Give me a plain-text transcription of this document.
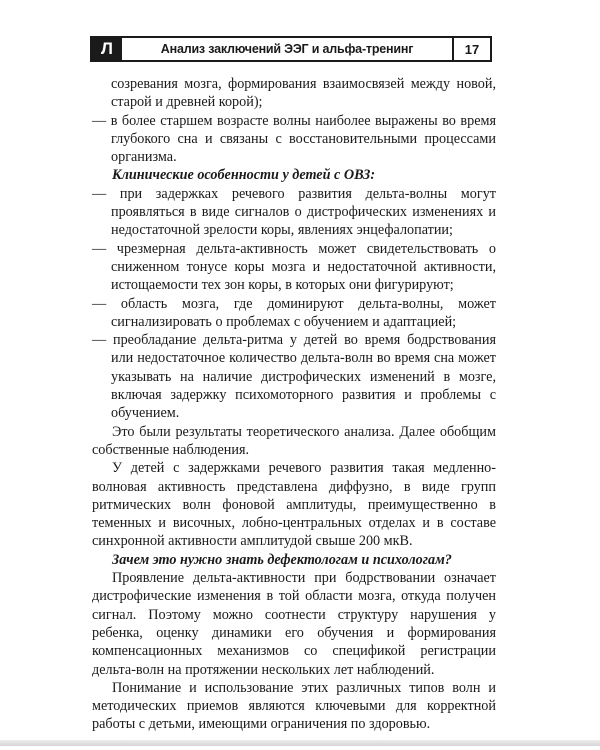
Л	Анализ заключений ЭЭГ и альфа-тренинг	17

созревания мозга, формирования взаимосвязей между новой, старой и древней корой);

— в более старшем возрасте волны наиболее выражены во время глубокого сна и связаны с восстановительными процессами организма.

Клинические особенности у детей с ОВЗ:

— при задержках речевого развития дельта-волны могут проявляться в виде сигналов о дистрофических изменениях и недостаточной зрелости коры, явлениях энцефалопатии;

— чрезмерная дельта-активность может свидетельствовать о сниженном тонусе коры мозга и недостаточной активности, истощаемости тех зон коры, в которых они фигурируют;

— область мозга, где доминируют дельта-волны, может сигнализировать о проблемах с обучением и адаптацией;

— преобладание дельта-ритма у детей во время бодрствования или недостаточное количество дельта-волн во время сна может указывать на наличие дистрофических изменений в мозге, включая задержку психомоторного развития и проблемы с обучением.

Это были результаты теоретического анализа. Далее обобщим собственные наблюдения.

У детей с задержками речевого развития такая медленно-волновая активность представлена диффузно, в виде групп ритмических волн фоновой амплитуды, преимущественно в теменных и височных, лобно-центральных отделах и в составе синхронной активности амплитудой свыше 200 мкВ.

Зачем это нужно знать дефектологам и психологам?

Проявление дельта-активности при бодрствовании означает дистрофические изменения в той области мозга, откуда получен сигнал. Поэтому можно соотнести структуру нарушения у ребенка, оценку динамики его обучения и формирования компенсационных механизмов со спецификой регистрации дельта-волн на протяжении нескольких лет наблюдений.

Понимание и использование этих различных типов волн и методических приемов являются ключевыми для корректной работы с детьми, имеющими ограничения по здоровью.
